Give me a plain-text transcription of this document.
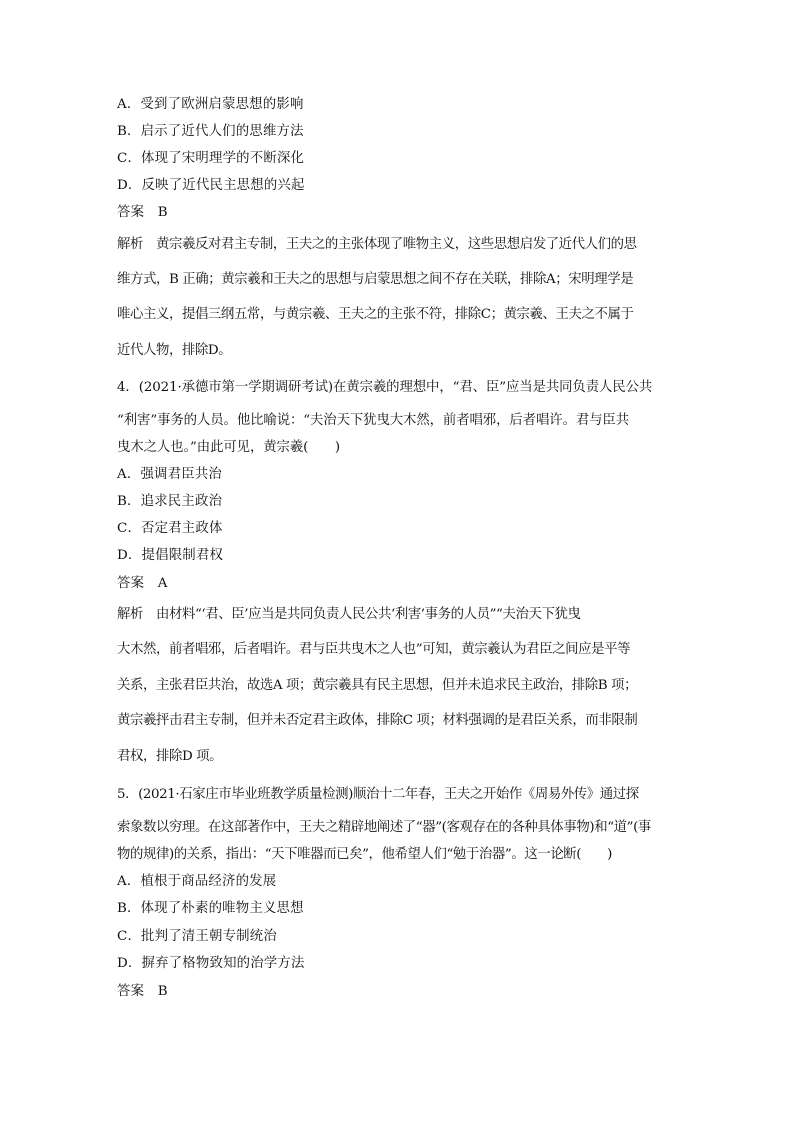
A．受到了欧洲启蒙思想的影响
B．启示了近代人们的思维方法
C．体现了宋明理学的不断深化
D．反映了近代民主思想的兴起
答案　B
解析　黄宗羲反对君主专制，王夫之的主张体现了唯物主义，这些思想启发了近代人们的思
维方式，B 正确；黄宗羲和王夫之的思想与启蒙思想之间不存在关联，排除A；宋明理学是
唯心主义，提倡三纲五常，与黄宗羲、王夫之的主张不符，排除C；黄宗羲、王夫之不属于
近代人物，排除D。
4．(2021·承德市第一学期调研考试)在黄宗羲的理想中，“君、臣”应当是共同负责人民公共
“利害”事务的人员。他比喻说：“夫治天下犹曳大木然，前者唱邪，后者唱许。君与臣共
曳木之人也。”由此可见，黄宗羲(　　)
A．强调君臣共治
B．追求民主政治
C．否定君主政体
D．提倡限制君权
答案　A
解析　由材料“‘君、臣’应当是共同负责人民公共‘利害’事务的人员”“夫治天下犹曳
大木然，前者唱邪，后者唱许。君与臣共曳木之人也”可知，黄宗羲认为君臣之间应是平等
关系，主张君臣共治，故选A 项；黄宗羲具有民主思想，但并未追求民主政治，排除B 项；
黄宗羲抨击君主专制，但并未否定君主政体，排除C 项；材料强调的是君臣关系，而非限制
君权，排除D 项。
5．(2021·石家庄市毕业班教学质量检测)顺治十二年春，王夫之开始作《周易外传》通过探
索象数以穷理。在这部著作中，王夫之精辟地阐述了“器”(客观存在的各种具体事物)和“道”(事
物的规律)的关系，指出：“天下唯器而已矣”，他希望人们“勉于治器”。这一论断(　　)
A．植根于商品经济的发展
B．体现了朴素的唯物主义思想
C．批判了清王朝专制统治
D．摒弃了格物致知的治学方法
答案　B
